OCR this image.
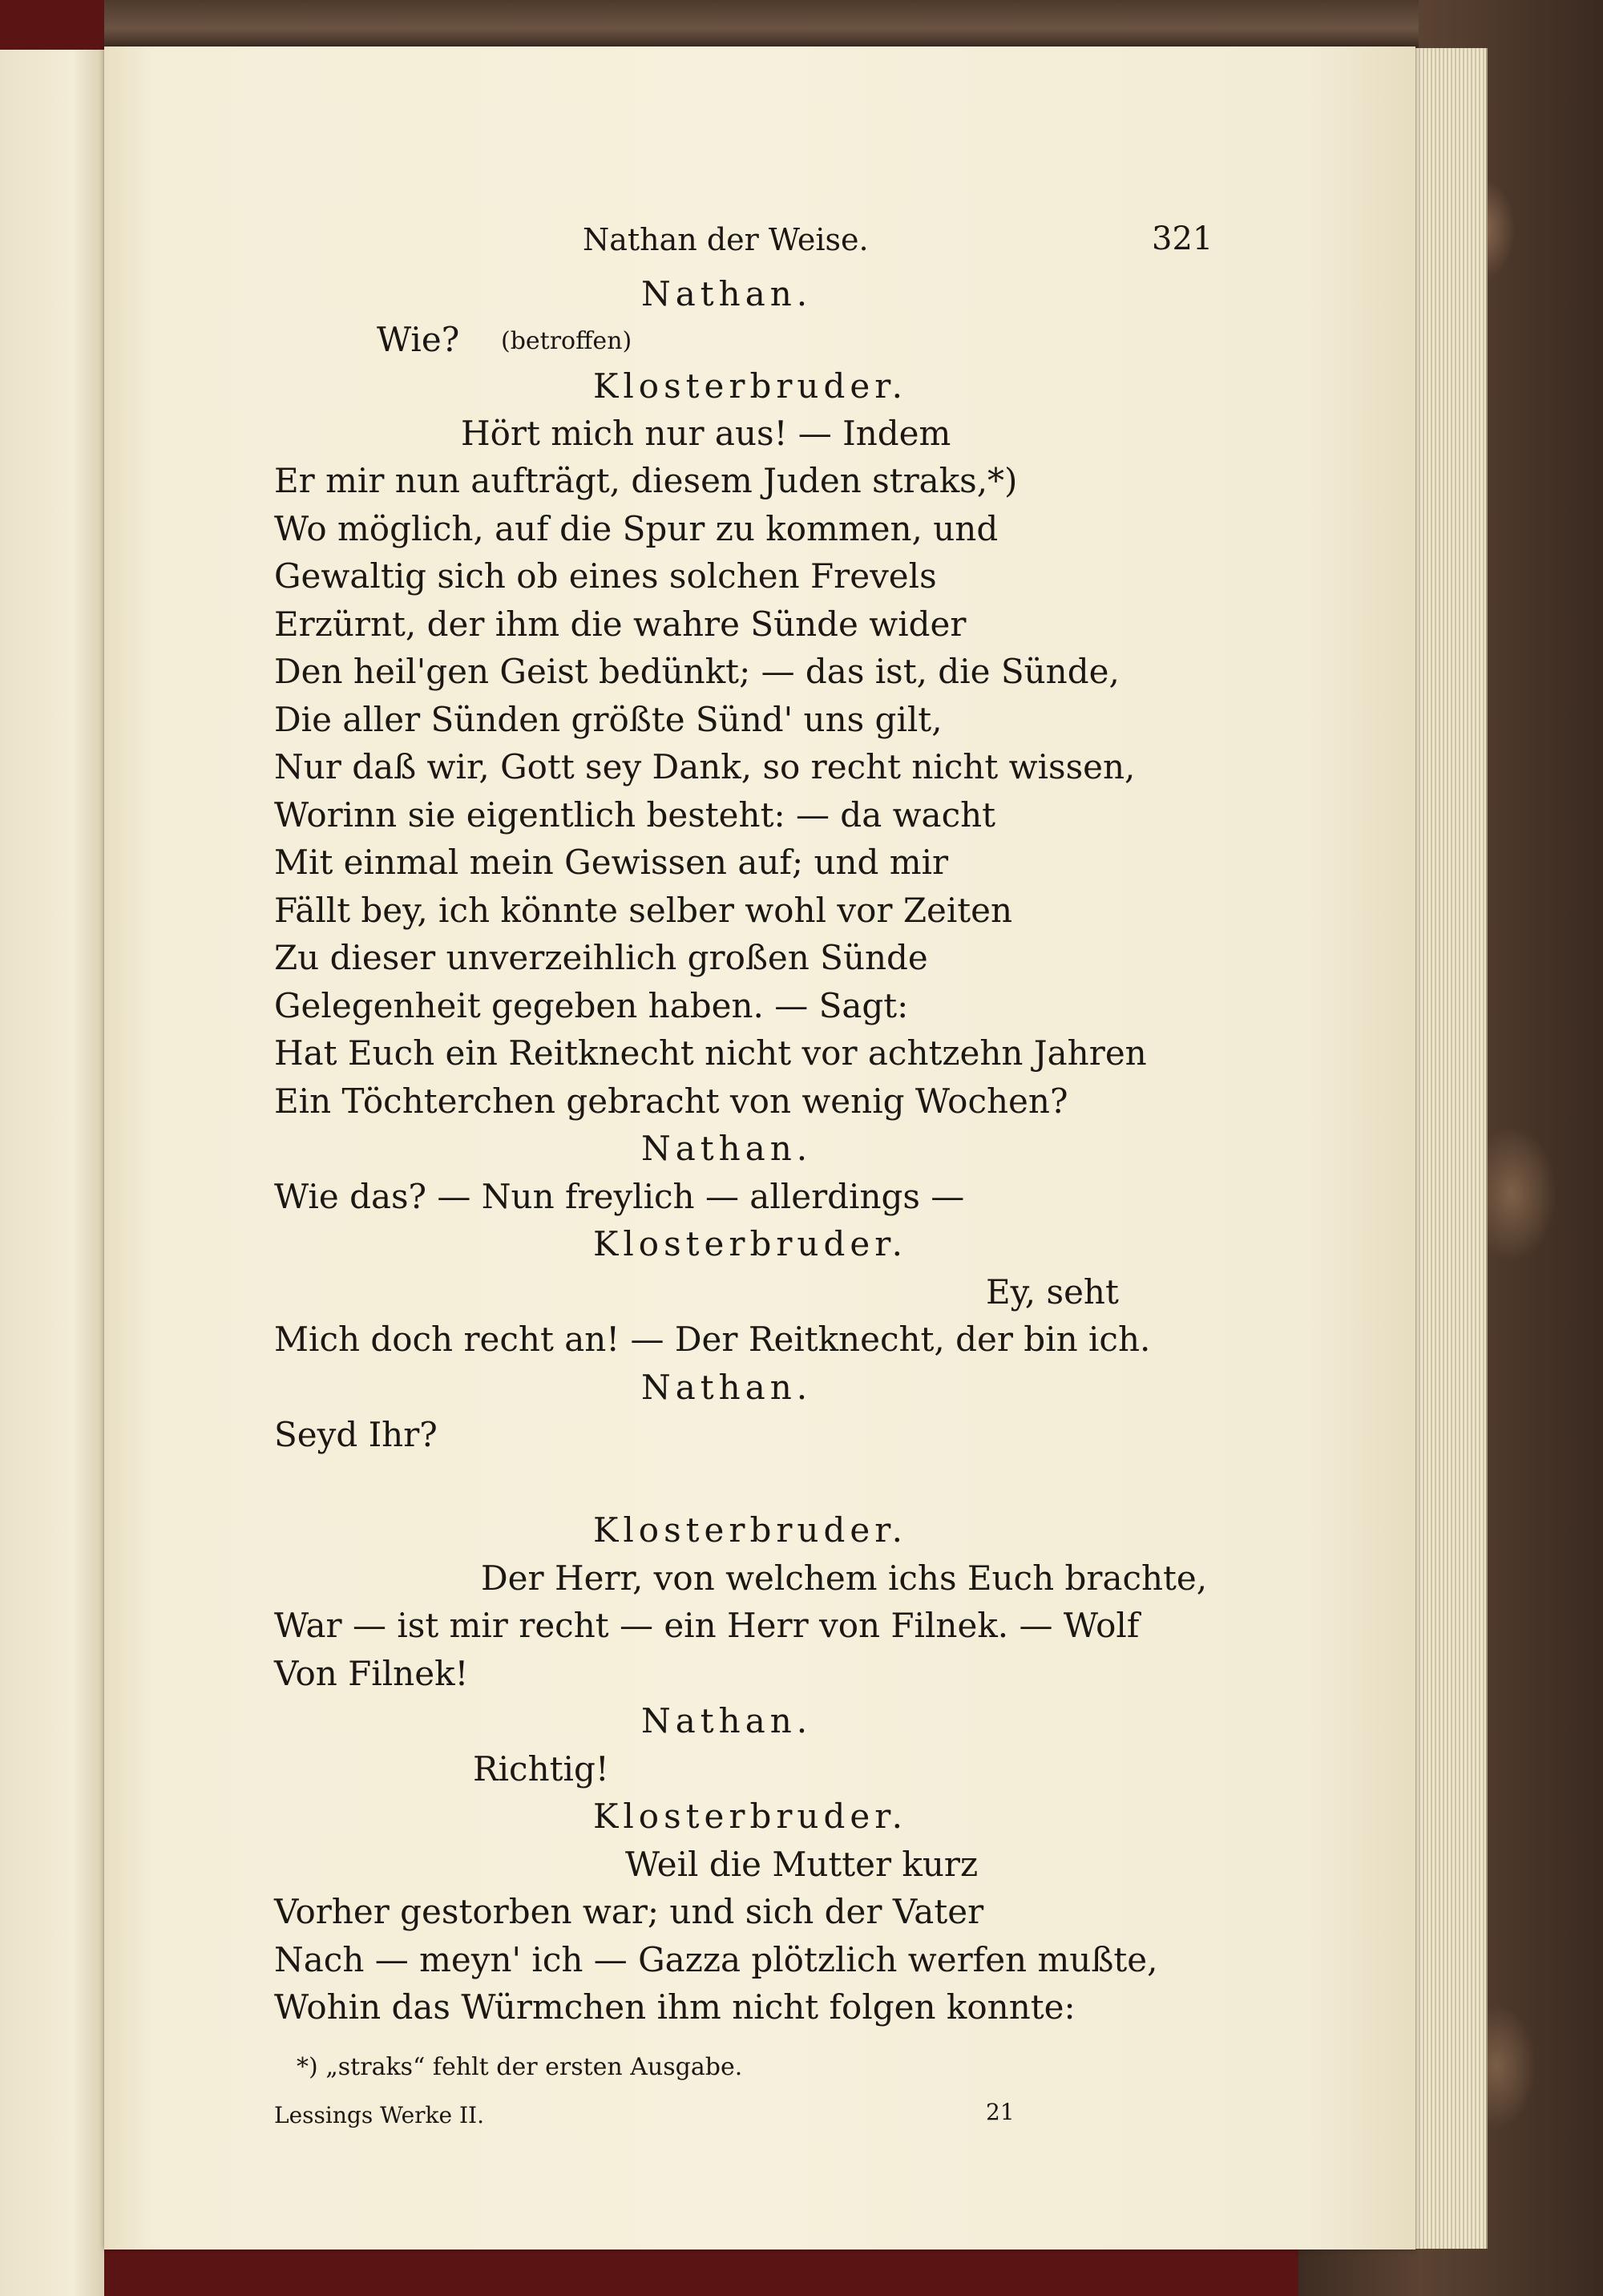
Nathan der Weise.	321
Nathan.
Wie? (betroffen)
Klosterbruder.
Hört mich nur aus! — Indem
Er mir nun aufträgt, diesem Juden straks,*)
Wo möglich, auf die Spur zu kommen, und
Gewaltig sich ob eines solchen Frevels
Erzürnt, der ihm die wahre Sünde wider
Den heil'gen Geist bedünkt; — das ist, die Sünde,
Die aller Sünden größte Sünd' uns gilt,
Nur daß wir, Gott sey Dank, so recht nicht wissen,
Worinn sie eigentlich besteht: — da wacht
Mit einmal mein Gewissen auf; und mir
Fällt bey, ich könnte selber wohl vor Zeiten
Zu dieser unverzeihlich großen Sünde
Gelegenheit gegeben haben. — Sagt:
Hat Euch ein Reitknecht nicht vor achtzehn Jahren
Ein Töchterchen gebracht von wenig Wochen?
Nathan.
Wie das? — Nun freylich — allerdings —
Klosterbruder.
Ey, seht
Mich doch recht an! — Der Reitknecht, der bin ich.
Nathan.
Seyd Ihr?
Klosterbruder.
Der Herr, von welchem ichs Euch brachte,
War — ist mir recht — ein Herr von Filnek. — Wolf
Von Filnek!
Nathan.
Richtig!
Klosterbruder.
Weil die Mutter kurz
Vorher gestorben war; und sich der Vater
Nach — meyn' ich — Gazza plötzlich werfen mußte,
Wohin das Würmchen ihm nicht folgen konnte:
*) „straks“ fehlt der ersten Ausgabe.
Lessings Werke II.	21
